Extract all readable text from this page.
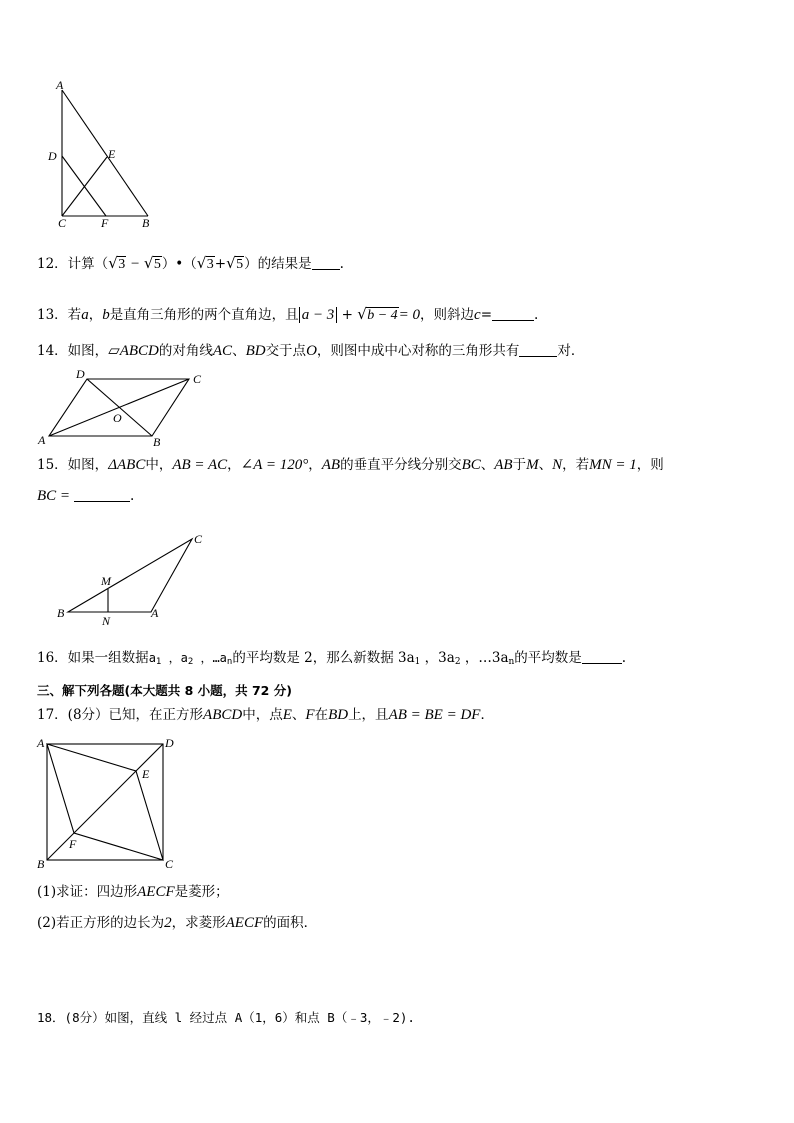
A
D	E
C	F	B
12．计算（ √ 3 − √ 5）•（ √ 3+ √ 5）的结果是 .
13．若a，b是直角三角形的两个直角边，且 a − 3 + √ b − 4= 0，则斜边c=	.
14．如图，▱ABCD的对角线AC、BD交于点O，则图中成中心对称的三角形共有	对．
D	C
O
A	B
15．如图，ΔABC中，AB = AC，∠A = 120°，AB的垂直平分线分别交BC、AB于M、N，若MN = 1，则
BC =	.
C
M
B
N
A
16．如果一组数据$a_1$ ，$a_2$ ，$\dots a_n$的平均数是 2，那么新数据 $3a_1$ ，$3a_2$ ，$\dots 3a_n$的平均数是	.
三、解下列各题(本大题共 8 小题，共 72 分)
17．(8分）已知，在正方形ABCD中，点E、F在BD上，且AB = BE = DF．
A	D
E
F
B	C
(1)求证：四边形AECF是菱形；
(2)若正方形的边长为2，求菱形AECF的面积．
18．(8分）如图，直线 l 经过点 A（1，6）和点 B（﹣3，﹣2).
